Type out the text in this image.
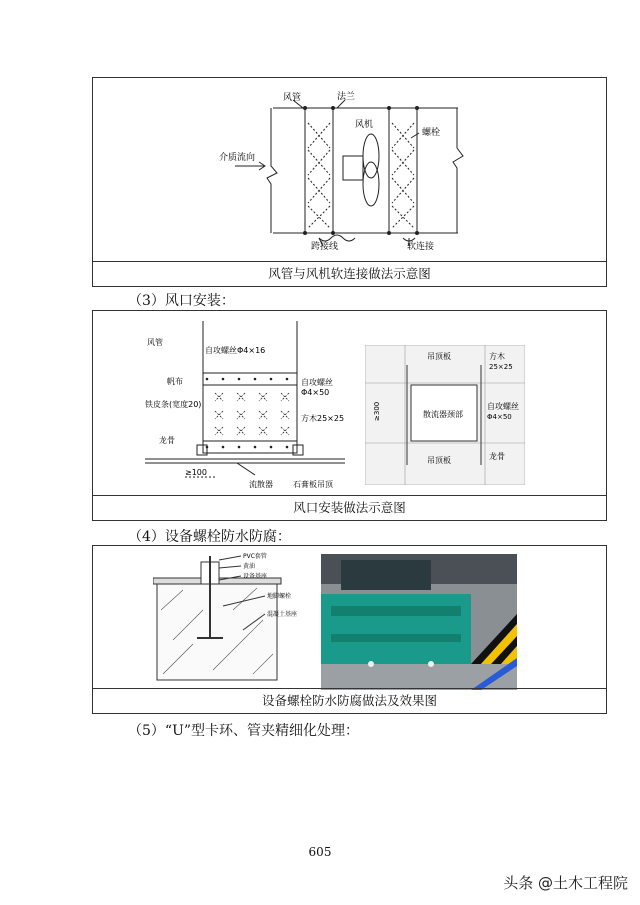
风管	法兰
风机
螺栓
介质流向
跨接线	软连接
风管与风机软连接做法示意图
（3）风口安装：
风管
自攻螺丝Φ4×16
帆布
铁皮条(宽度20)
自攻螺丝
Φ4×50
方木25×25
龙骨
≥100
流散器	石膏板吊顶
吊顶板	方木
25×25
≥300	散流器颈部
自攻螺丝
Φ4×50
吊顶板	龙骨
风口安装做法示意图
（4）设备螺栓防水防腐：
PVC套管
黄油
设备基座
地脚螺栓
混凝土基座
设备螺栓防水防腐做法及效果图
（5）“U”型卡环、管夹精细化处理：
605
头条 @土木工程院
